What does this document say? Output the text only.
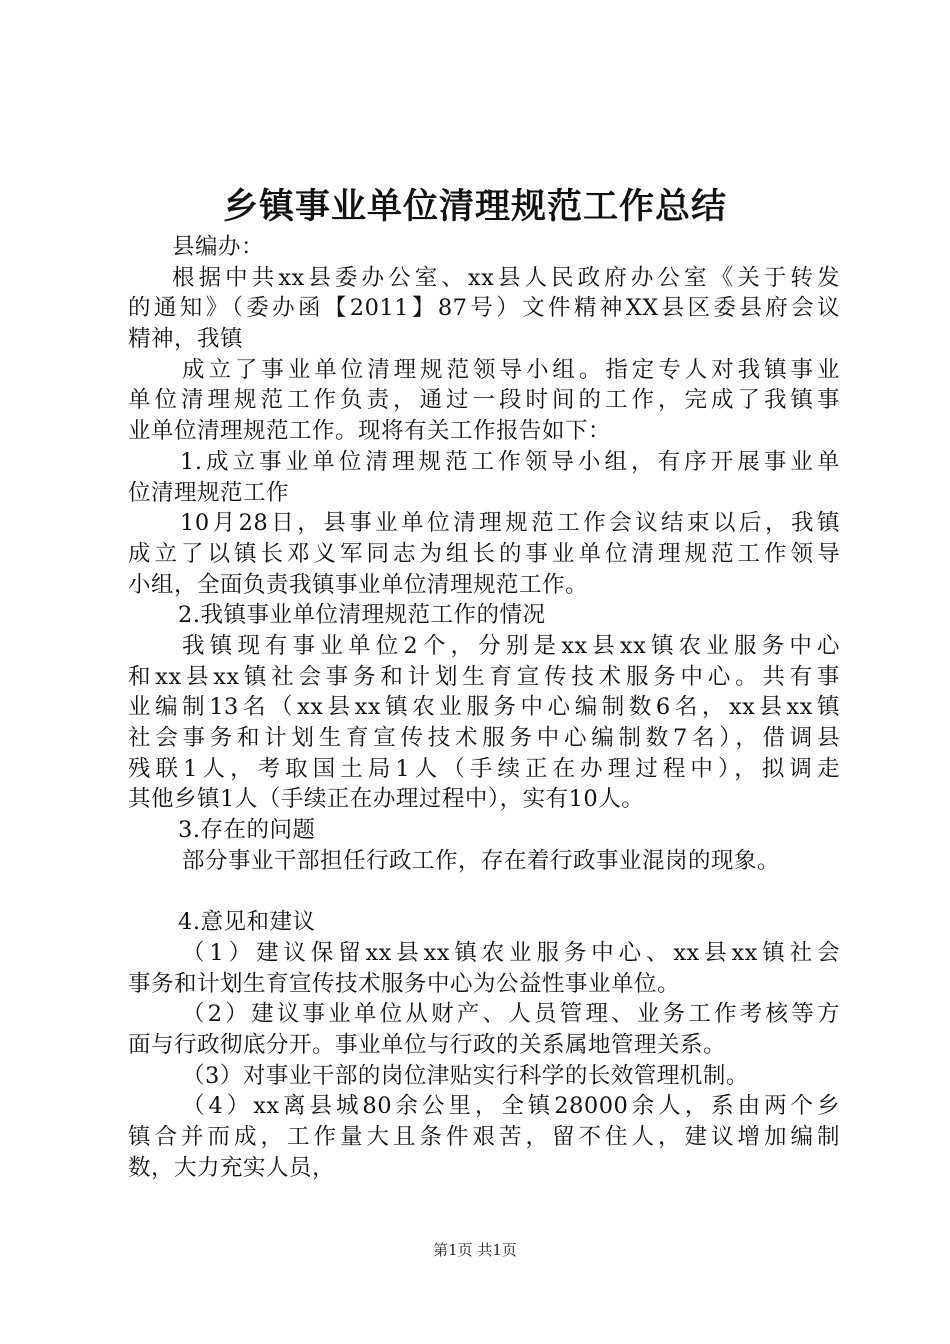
乡镇事业单位清理规范工作总结
县编办：
根据中共xx县委办公室、xx县人民政府办公室《关于转发
的通知》（委办函【2011】87号）文件精神XX县区委县府会议
精神，我镇
成立了事业单位清理规范领导小组。指定专人对我镇事业
单位清理规范工作负责，通过一段时间的工作，完成了我镇事
业单位清理规范工作。现将有关工作报告如下：
1.成立事业单位清理规范工作领导小组，有序开展事业单
位清理规范工作
10月28日，县事业单位清理规范工作会议结束以后，我镇
成立了以镇长邓义军同志为组长的事业单位清理规范工作领导
小组，全面负责我镇事业单位清理规范工作。
2.我镇事业单位清理规范工作的情况
我镇现有事业单位2个，分别是xx县xx镇农业服务中心
和xx县xx镇社会事务和计划生育宣传技术服务中心。共有事
业编制13名（xx县xx镇农业服务中心编制数6名，xx县xx镇
社会事务和计划生育宣传技术服务中心编制数7名），借调县
残联1人，考取国土局1人（手续正在办理过程中），拟调走
其他乡镇1人（手续正在办理过程中），实有10人。
3.存在的问题
部分事业干部担任行政工作，存在着行政事业混岗的现象。
4.意见和建议
（1）建议保留xx县xx镇农业服务中心、xx县xx镇社会
事务和计划生育宣传技术服务中心为公益性事业单位。
（2）建议事业单位从财产、人员管理、业务工作考核等方
面与行政彻底分开。事业单位与行政的关系属地管理关系。
（3）对事业干部的岗位津贴实行科学的长效管理机制。
（4）xx离县城80余公里，全镇28000余人，系由两个乡
镇合并而成，工作量大且条件艰苦，留不住人，建议增加编制
数，大力充实人员，
第1页 共1页
